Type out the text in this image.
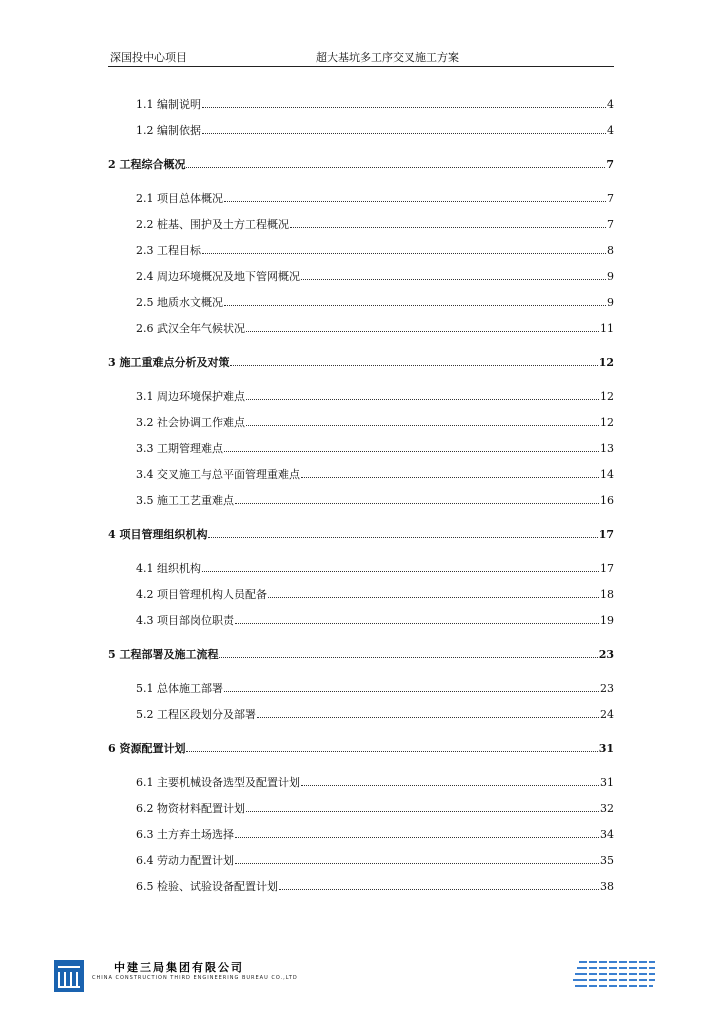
深国投中心项目	超大基坑多工序交叉施工方案
1.1 编制说明	4
1.2 编制依据	4
2 工程综合概况	7
2.1 项目总体概况	7
2.2 桩基、围护及土方工程概况	7
2.3 工程目标	8
2.4 周边环境概况及地下管网概况	9
2.5 地质水文概况	9
2.6 武汉全年气候状况	11
3 施工重难点分析及对策	12
3.1 周边环境保护难点	12
3.2 社会协调工作难点	12
3.3 工期管理难点	13
3.4 交叉施工与总平面管理重难点	14
3.5 施工工艺重难点	16
4 项目管理组织机构	17
4.1 组织机构	17
4.2 项目管理机构人员配备	18
4.3 项目部岗位职责	19
5 工程部署及施工流程	23
5.1 总体施工部署	23
5.2 工程区段划分及部署	24
6 资源配置计划	31
6.1 主要机械设备选型及配置计划	31
6.2 物资材料配置计划	32
6.3 土方弃土场选择	34
6.4 劳动力配置计划	35
6.5 检验、试验设备配置计划	38
中建三局集团有限公司
CHINA CONSTRUCTION THIRD ENGINEERING BUREAU CO.,LTD
